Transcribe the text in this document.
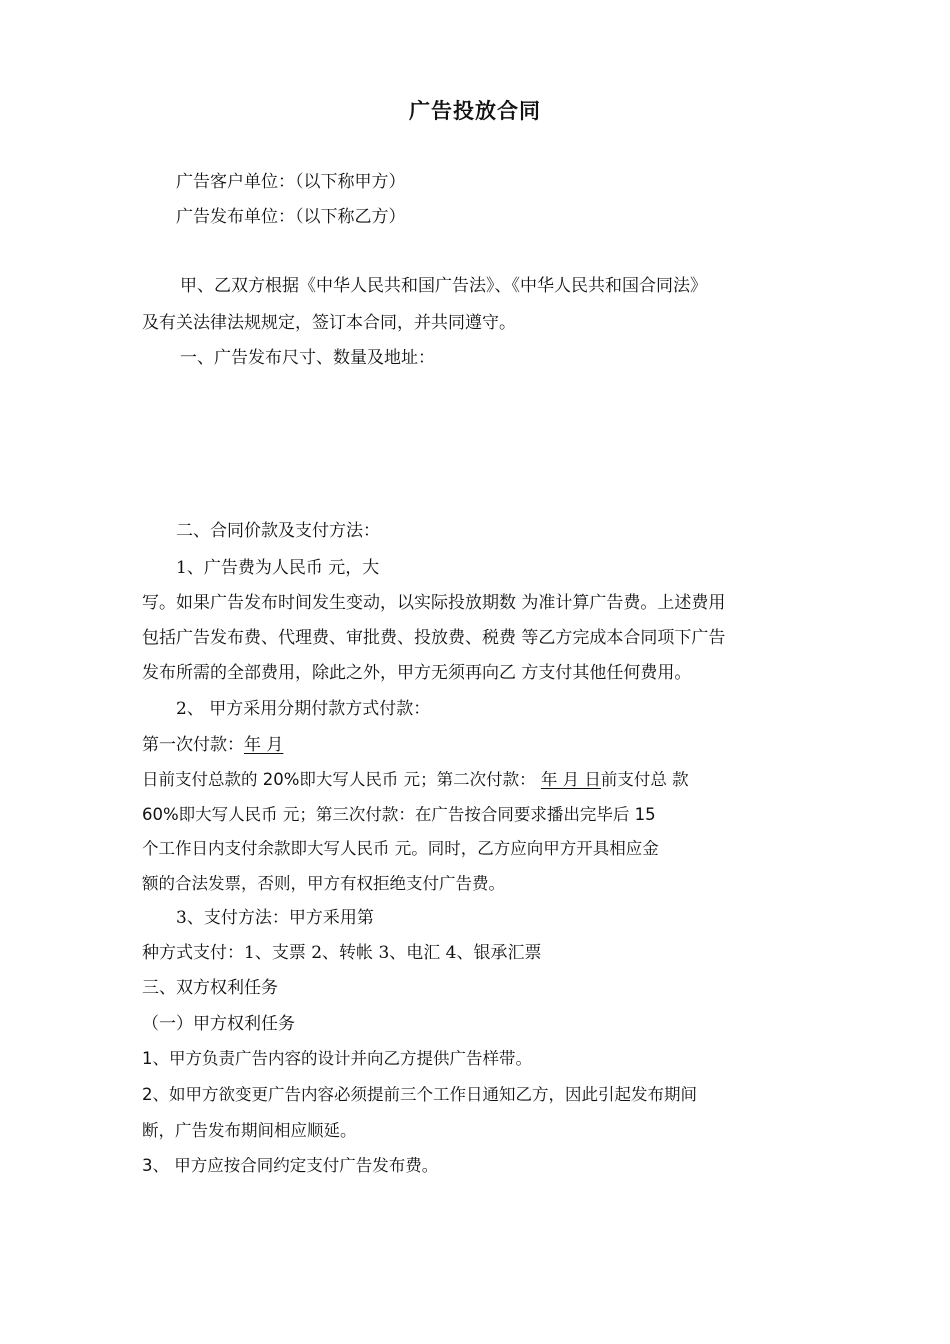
广告投放合同
广告客户单位：（以下称甲方）
广告发布单位：（以下称乙方）
甲、乙双方根据《中华人民共和国广告法》、《中华人民共和国合同法》
及有关法律法规规定，签订本合同，并共同遵守。
一、广告发布尺寸、数量及地址：
二、合同价款及支付方法：
1、广告费为人民币 元，大
写。如果广告发布时间发生变动，以实际投放期数 为准计算广告费。上述费用
包括广告发布费、代理费、审批费、投放费、税费 等乙方完成本合同项下广告
发布所需的全部费用，除此之外，甲方无须再向乙 方支付其他任何费用。
2、 甲方采用分期付款方式付款：
第一次付款：年 月
日前支付总款的 20%即大写人民币 元；第二次付款： 年 月 日前支付总 款
60%即大写人民币 元；第三次付款：在广告按合同要求播出完毕后 15
个工作日内支付余款即大写人民币 元。同时，乙方应向甲方开具相应金
额的合法发票，否则，甲方有权拒绝支付广告费。
3、支付方法：甲方釆用第
种方式支付：1、支票 2、转帐 3、电汇 4、银承汇票
三、双方权利任务
（一）甲方权利任务
1、甲方负责广告内容的设计并向乙方提供广告样带。
2、如甲方欲变更广告内容必须提前三个工作日通知乙方，因此引起发布期间
断，广告发布期间相应顺延。
3、 甲方应按合同约定支付广告发布费。
